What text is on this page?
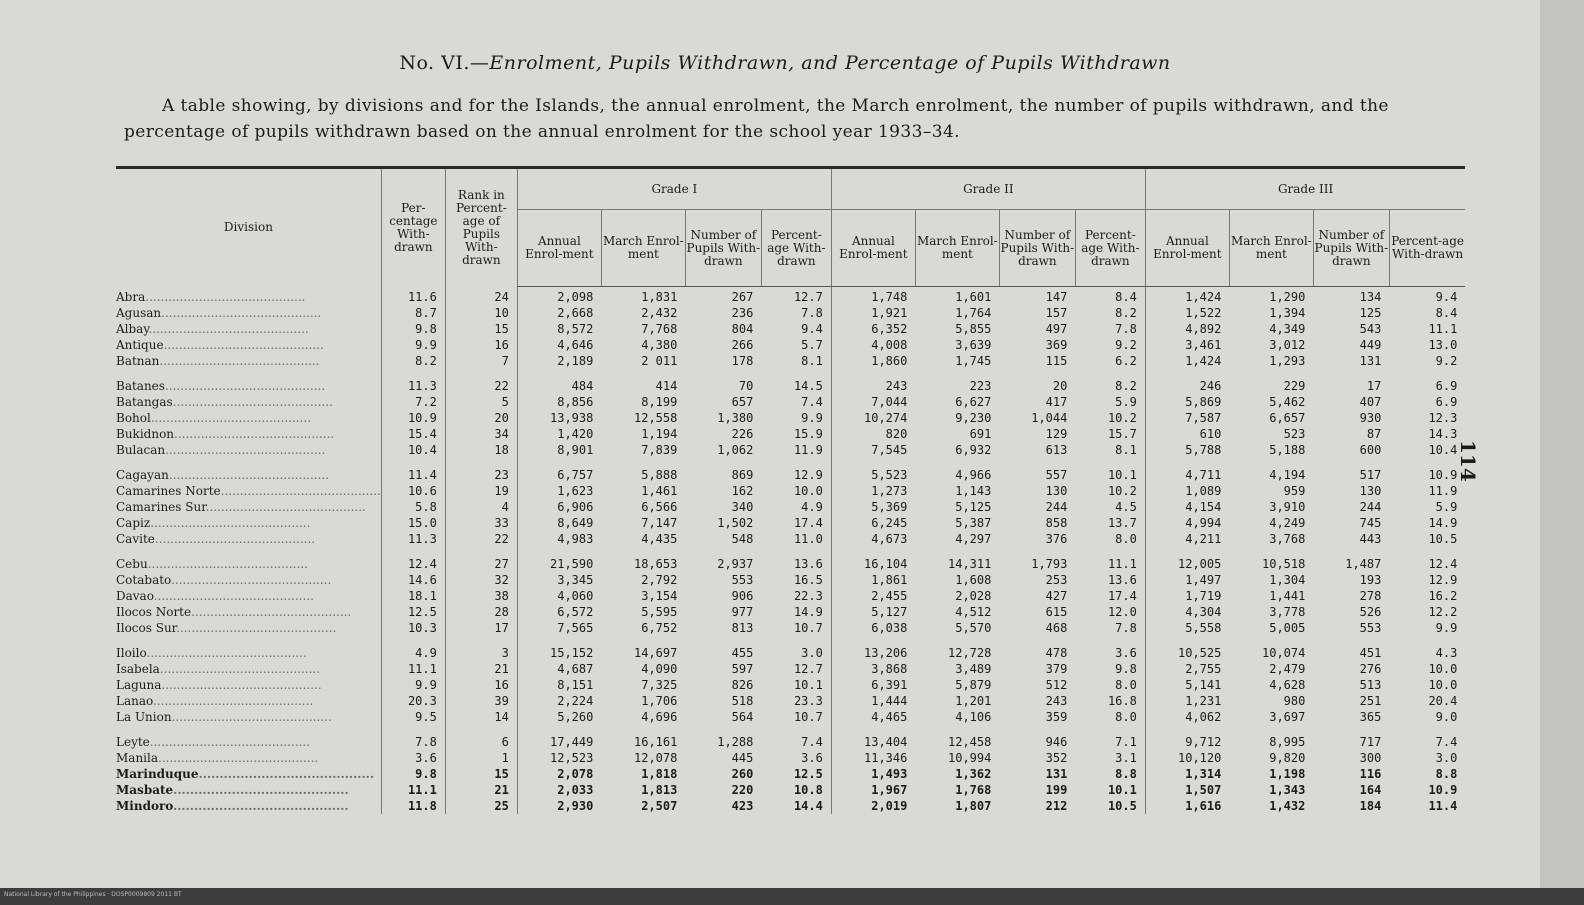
No. VI.—Enrolment, Pupils Withdrawn, and Percentage of Pupils Withdrawn
A table showing, by divisions and for the Islands, the annual enrolment, the March enrolment, the number of pupils withdrawn, and the percentage of pupils withdrawn based on the annual enrolment for the school year 1933–34.
Division	Per-centage With-drawn	Rank in Percent-age of Pupils With-drawn	Grade I				Grade II				Grade III			
			Annual Enrol-ment	March Enrol-ment	Number of Pupils With-drawn	Percent-age With-drawn	Annual Enrol-ment	March Enrol-ment	Number of Pupils With-drawn	Percent-age With-drawn	Annual Enrol-ment	March Enrol-ment	Number of Pupils With-drawn	Percent-age With-drawn
Abra..........................................	11.6	24	2,098	1,831	267	12.7	1,748	1,601	147	8.4	1,424	1,290	134	9.4
Agusan..........................................	8.7	10	2,668	2,432	236	7.8	1,921	1,764	157	8.2	1,522	1,394	125	8.4
Albay..........................................	9.8	15	8,572	7,768	804	9.4	6,352	5,855	497	7.8	4,892	4,349	543	11.1
Antique..........................................	9.9	16	4,646	4,380	266	5.7	4,008	3,639	369	9.2	3,461	3,012	449	13.0
Batnan..........................................	8.2	7	2,189	2 011	178	8.1	1,860	1,745	115	6.2	1,424	1,293	131	9.2

Batanes..........................................	11.3	22	484	414	70	14.5	243	223	20	8.2	246	229	17	6.9
Batangas..........................................	7.2	5	8,856	8,199	657	7.4	7,044	6,627	417	5.9	5,869	5,462	407	6.9
Bohol..........................................	10.9	20	13,938	12,558	1,380	9.9	10,274	9,230	1,044	10.2	7,587	6,657	930	12.3
Bukidnon..........................................	15.4	34	1,420	1,194	226	15.9	820	691	129	15.7	610	523	87	14.3
Bulacan..........................................	10.4	18	8,901	7,839	1,062	11.9	7,545	6,932	613	8.1	5,788	5,188	600	10.4

Cagayan..........................................	11.4	23	6,757	5,888	869	12.9	5,523	4,966	557	10.1	4,711	4,194	517	10.9
Camarines Norte..........................................	10.6	19	1,623	1,461	162	10.0	1,273	1,143	130	10.2	1,089	959	130	11.9
Camarines Sur..........................................	5.8	4	6,906	6,566	340	4.9	5,369	5,125	244	4.5	4,154	3,910	244	5.9
Capiz..........................................	15.0	33	8,649	7,147	1,502	17.4	6,245	5,387	858	13.7	4,994	4,249	745	14.9
Cavite..........................................	11.3	22	4,983	4,435	548	11.0	4,673	4,297	376	8.0	4,211	3,768	443	10.5

Cebu..........................................	12.4	27	21,590	18,653	2,937	13.6	16,104	14,311	1,793	11.1	12,005	10,518	1,487	12.4
Cotabato..........................................	14.6	32	3,345	2,792	553	16.5	1,861	1,608	253	13.6	1,497	1,304	193	12.9
Davao..........................................	18.1	38	4,060	3,154	906	22.3	2,455	2,028	427	17.4	1,719	1,441	278	16.2
Ilocos Norte..........................................	12.5	28	6,572	5,595	977	14.9	5,127	4,512	615	12.0	4,304	3,778	526	12.2
Ilocos Sur..........................................	10.3	17	7,565	6,752	813	10.7	6,038	5,570	468	7.8	5,558	5,005	553	9.9

Iloilo..........................................	4.9	3	15,152	14,697	455	3.0	13,206	12,728	478	3.6	10,525	10,074	451	4.3
Isabela..........................................	11.1	21	4,687	4,090	597	12.7	3,868	3,489	379	9.8	2,755	2,479	276	10.0
Laguna..........................................	9.9	16	8,151	7,325	826	10.1	6,391	5,879	512	8.0	5,141	4,628	513	10.0
Lanao..........................................	20.3	39	2,224	1,706	518	23.3	1,444	1,201	243	16.8	1,231	980	251	20.4
La Union..........................................	9.5	14	5,260	4,696	564	10.7	4,465	4,106	359	8.0	4,062	3,697	365	9.0

Leyte..........................................	7.8	6	17,449	16,161	1,288	7.4	13,404	12,458	946	7.1	9,712	8,995	717	7.4
Manila..........................................	3.6	1	12,523	12,078	445	3.6	11,346	10,994	352	3.1	10,120	9,820	300	3.0
Marinduque..........................................	9.8	15	2,078	1,818	260	12.5	1,493	1,362	131	8.8	1,314	1,198	116	8.8
Masbate..........................................	11.1	21	2,033	1,813	220	10.8	1,967	1,768	199	10.1	1,507	1,343	164	10.9
Mindoro..........................................	11.8	25	2,930	2,507	423	14.4	2,019	1,807	212	10.5	1,616	1,432	184	11.4
114
National Library of the Philippines · DOSP0009809 2011 BT
